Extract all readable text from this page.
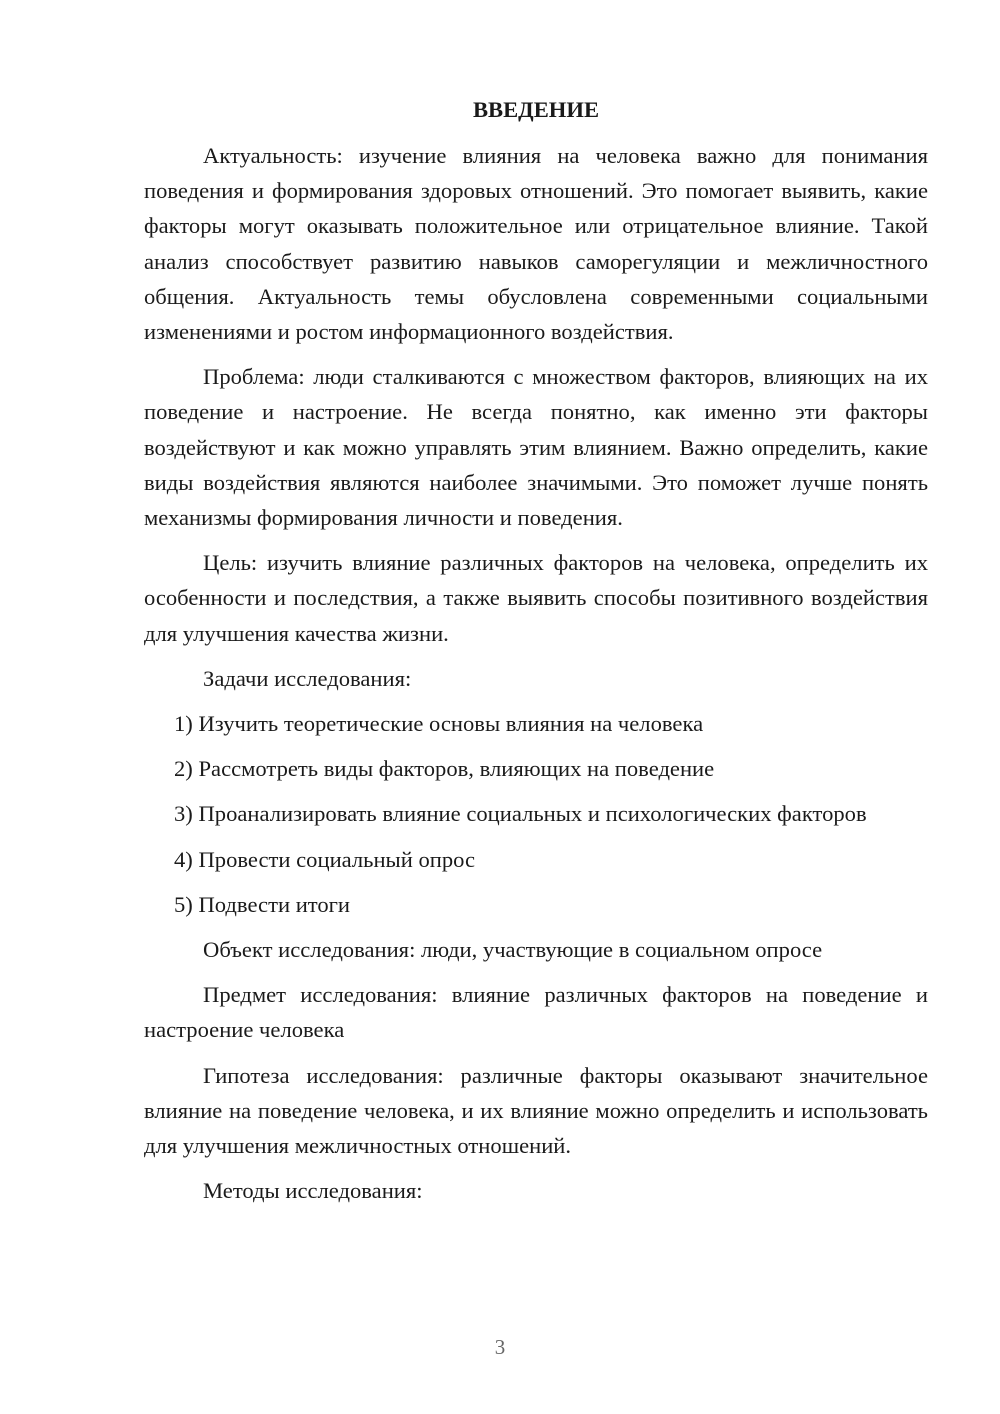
ВВЕДЕНИЕ

Актуальность: изучение влияния на человека важно для понимания поведения и формирования здоровых отношений. Это помогает выявить, какие факторы могут оказывать положительное или отрицательное влияние. Такой анализ способствует развитию навыков саморегуляции и межличностного общения. Актуальность темы обусловлена современными социальными изменениями и ростом информационного воздействия.

Проблема: люди сталкиваются с множеством факторов, влияющих на их поведение и настроение. Не всегда понятно, как именно эти факторы воздействуют и как можно управлять этим влиянием. Важно определить, какие виды воздействия являются наиболее значимыми. Это поможет лучше понять механизмы формирования личности и поведения.

Цель: изучить влияние различных факторов на человека, определить их особенности и последствия, а также выявить способы позитивного воздействия для улучшения качества жизни.

Задачи исследования:

1) Изучить теоретические основы влияния на человека

2) Рассмотреть виды факторов, влияющих на поведение

3) Проанализировать влияние социальных и психологических факторов

4) Провести социальный опрос

5) Подвести итоги

Объект исследования: люди, участвующие в социальном опросе

Предмет исследования: влияние различных факторов на поведение и настроение человека

Гипотеза исследования: различные факторы оказывают значительное влияние на поведение человека, и их влияние можно определить и использовать для улучшения межличностных отношений.

Методы исследования:

3
